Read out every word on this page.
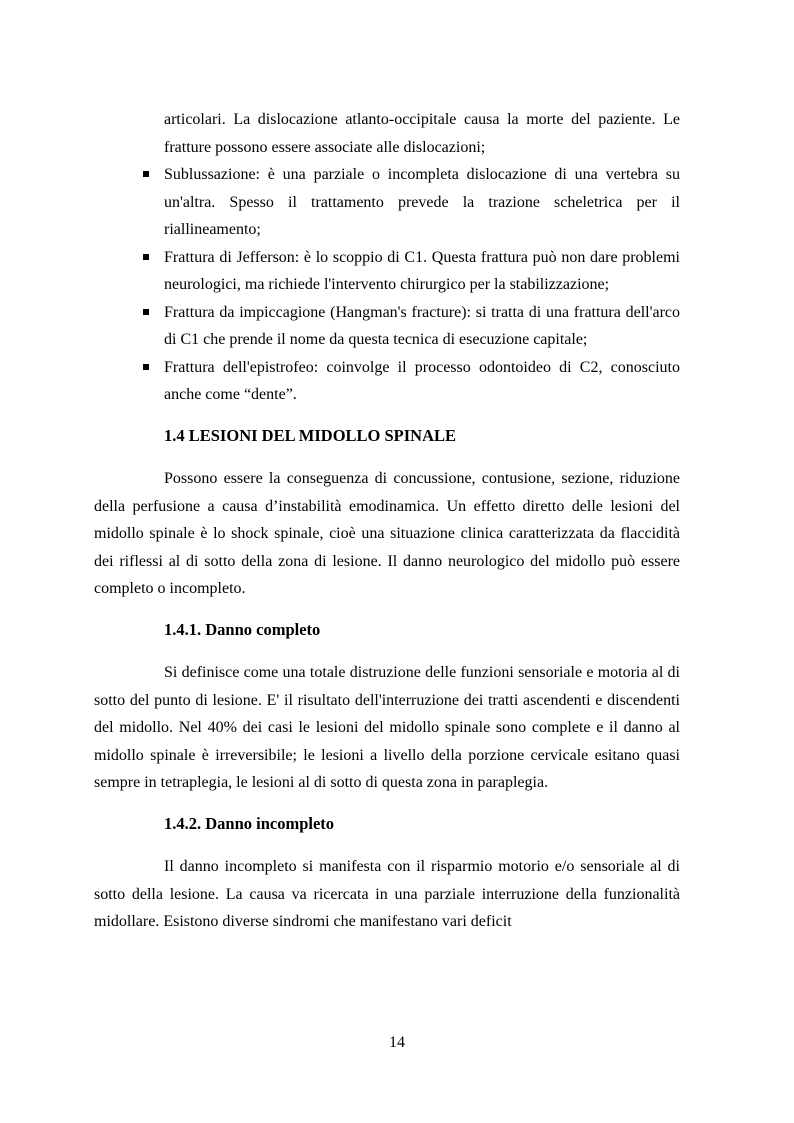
articolari. La dislocazione atlanto-occipitale causa la morte del paziente. Le fratture possono essere associate alle dislocazioni;
Sublussazione: è una parziale o incompleta dislocazione di una vertebra su un'altra. Spesso il trattamento prevede la trazione scheletrica per il riallineamento;
Frattura di Jefferson: è lo scoppio di C1. Questa frattura può non dare problemi neurologici, ma richiede l'intervento chirurgico per la stabilizzazione;
Frattura da impiccagione (Hangman's fracture): si tratta di una frattura dell'arco di C1 che prende il nome da questa tecnica di esecuzione capitale;
Frattura dell'epistrofeo: coinvolge il processo odontoideo di C2, conosciuto anche come “dente”.
1.4 LESIONI DEL MIDOLLO SPINALE

Possono essere la conseguenza di concussione, contusione, sezione, riduzione della perfusione a causa d’instabilità emodinamica. Un effetto diretto delle lesioni del midollo spinale è lo shock spinale, cioè una situazione clinica caratterizzata da flaccidità dei riflessi al di sotto della zona di lesione. Il danno neurologico del midollo può essere completo o incompleto.

1.4.1. Danno completo

Si definisce come una totale distruzione delle funzioni sensoriale e motoria al di sotto del punto di lesione. E' il risultato dell'interruzione dei tratti ascendenti e discendenti del midollo. Nel 40% dei casi le lesioni del midollo spinale sono complete e il danno al midollo spinale è irreversibile; le lesioni a livello della porzione cervicale esitano quasi sempre in tetraplegia, le lesioni al di sotto di questa zona in paraplegia.

1.4.2. Danno incompleto

Il danno incompleto si manifesta con il risparmio motorio e/o sensoriale al di sotto della lesione. La causa va ricercata in una parziale interruzione della funzionalità midollare. Esistono diverse sindromi che manifestano vari deficit

14
